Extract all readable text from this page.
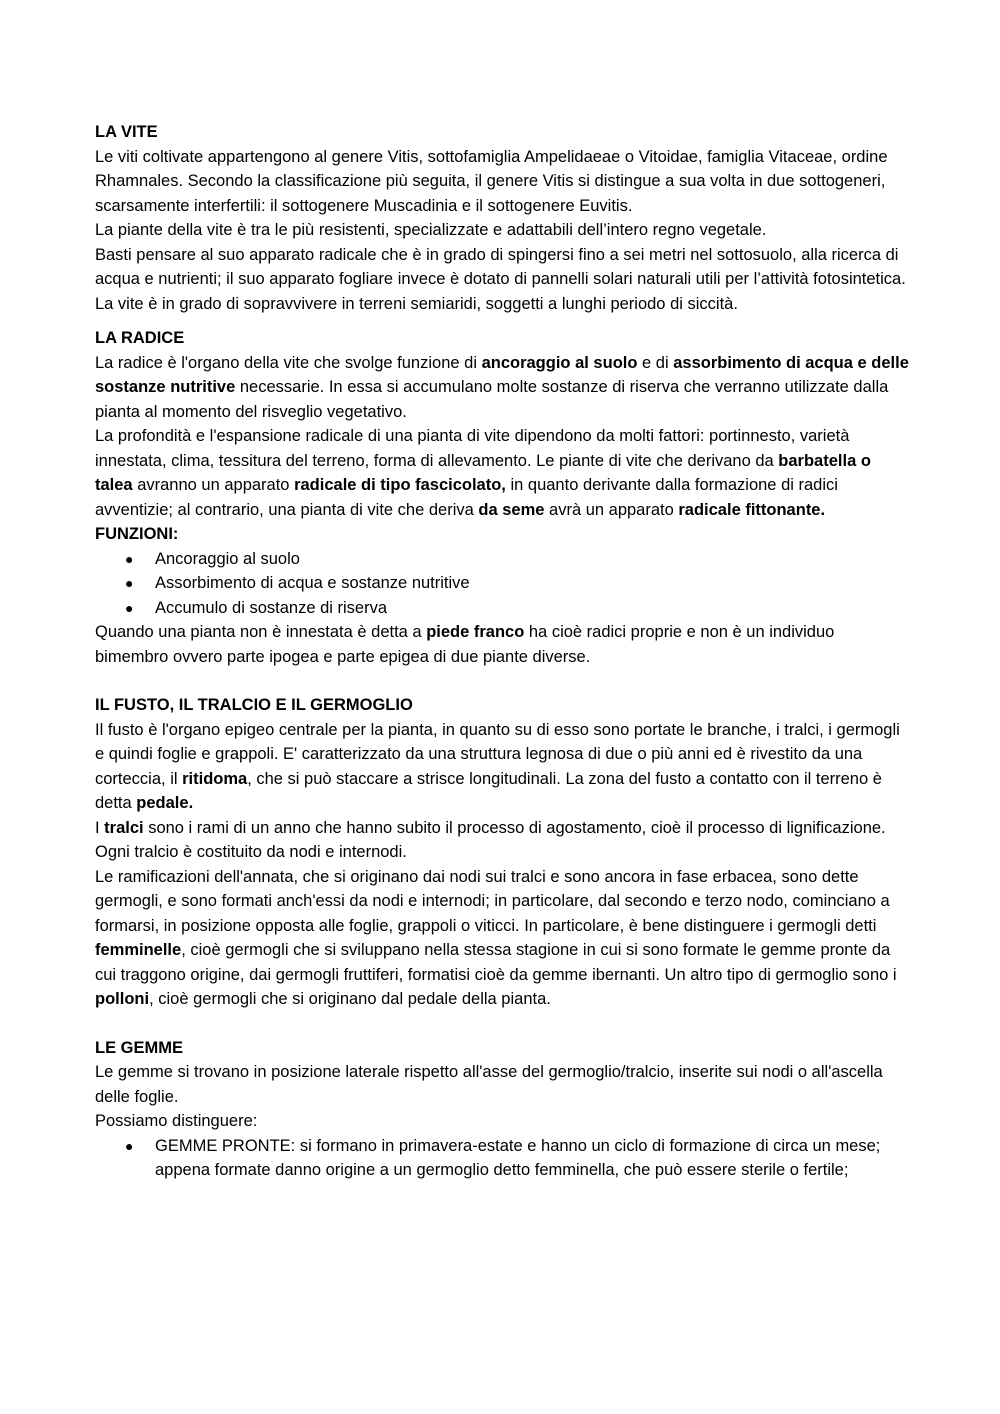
LA VITE

Le viti coltivate appartengono al genere Vitis, sottofamiglia Ampelidaeae o Vitoidae, famiglia Vitaceae, ordine Rhamnales. Secondo la classificazione più seguita, il genere Vitis si distingue a sua volta in due sottogeneri, scarsamente interfertili: il sottogenere Muscadinia e il sottogenere Euvitis.

La piante della vite è tra le più resistenti, specializzate e adattabili dell’intero regno vegetale.

Basti pensare al suo apparato radicale che è in grado di spingersi fino a sei metri nel sottosuolo, alla ricerca di acqua e nutrienti; il suo apparato fogliare invece è dotato di pannelli solari naturali utili per l’attività fotosintetica. La vite è in grado di sopravvivere in terreni semiaridi, soggetti a lunghi periodo di siccità.

LA RADICE

La radice è l'organo della vite che svolge funzione di ancoraggio al suolo e di assorbimento di acqua e delle sostanze nutritive necessarie. In essa si accumulano molte sostanze di riserva che verranno utilizzate dalla pianta al momento del risveglio vegetativo.

La profondità e l'espansione radicale di una pianta di vite dipendono da molti fattori: portinnesto, varietà innestata, clima, tessitura del terreno, forma di allevamento. Le piante di vite che derivano da barbatella o talea avranno un apparato radicale di tipo fascicolato, in quanto derivante dalla formazione di radici avventizie; al contrario, una pianta di vite che deriva da seme avrà un apparato radicale fittonante.

FUNZIONI:

● Ancoraggio al suolo
● Assorbimento di acqua e sostanze nutritive
● Accumulo di sostanze di riserva

Quando una pianta non è innestata è detta a piede franco ha cioè radici proprie e non è un individuo bimembro ovvero parte ipogea e parte epigea di due piante diverse.

IL FUSTO, IL TRALCIO E IL GERMOGLIO

Il fusto è l'organo epigeo centrale per la pianta, in quanto su di esso sono portate le branche, i tralci, i germogli e quindi foglie e grappoli. E' caratterizzato da una struttura legnosa di due o più anni ed è rivestito da una corteccia, il ritidoma, che si può staccare a strisce longitudinali. La zona del fusto a contatto con il terreno è detta pedale.

I tralci sono i rami di un anno che hanno subito il processo di agostamento, cioè il processo di lignificazione. Ogni tralcio è costituito da nodi e internodi.

Le ramificazioni dell'annata, che si originano dai nodi sui tralci e sono ancora in fase erbacea, sono dette germogli, e sono formati anch'essi da nodi e internodi; in particolare, dal secondo e terzo nodo, cominciano a formarsi, in posizione opposta alle foglie, grappoli o viticci. In particolare, è bene distinguere i germogli detti femminelle, cioè germogli che si sviluppano nella stessa stagione in cui si sono formate le gemme pronte da cui traggono origine, dai germogli fruttiferi, formatisi cioè da gemme ibernanti. Un altro tipo di germoglio sono i polloni, cioè germogli che si originano dal pedale della pianta.

LE GEMME

Le gemme si trovano in posizione laterale rispetto all'asse del germoglio/tralcio, inserite sui nodi o all'ascella delle foglie.

Possiamo distinguere:

● GEMME PRONTE: si formano in primavera-estate e hanno un ciclo di formazione di circa un mese; appena formate danno origine a un germoglio detto femminella, che può essere sterile o fertile;
